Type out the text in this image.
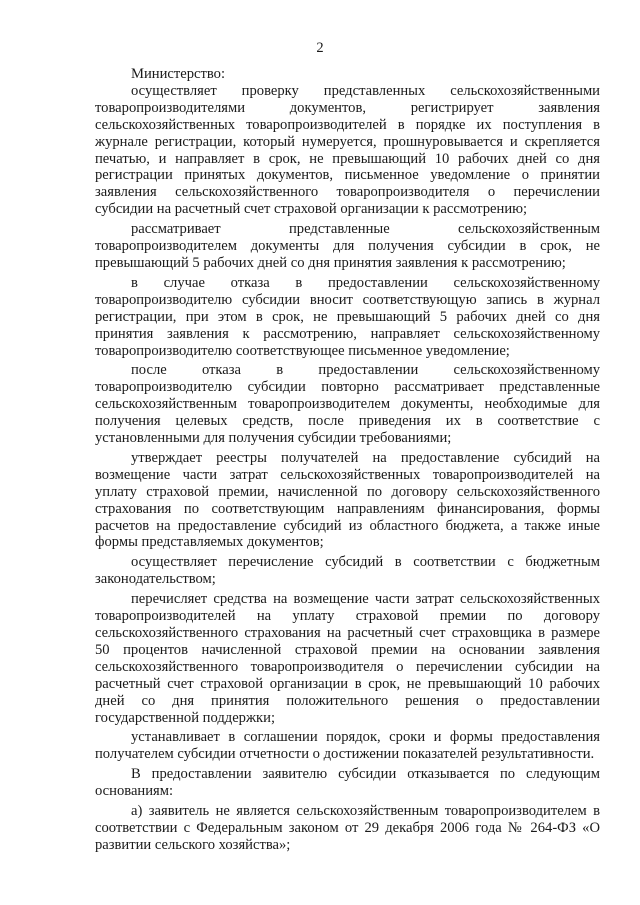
2

Министерство:

осуществляет проверку представленных сельскохозяйственными товаропроизводителями документов, регистрирует заявления сельскохозяйственных товаропроизводителей в порядке их поступления в журнале регистрации, который нумеруется, прошнуровывается и скрепляется печатью, и направляет в срок, не превышающий 10 рабочих дней со дня регистрации принятых документов, письменное уведомление о принятии заявления сельскохозяйственного товаропроизводителя о перечислении субсидии на расчетный счет страховой организации к рассмотрению;

рассматривает представленные сельскохозяйственным товаропроизводителем документы для получения субсидии в срок, не превышающий 5 рабочих дней со дня принятия заявления к рассмотрению;

в случае отказа в предоставлении сельскохозяйственному товаропроизводителю субсидии вносит соответствующую запись в журнал регистрации, при этом в срок, не превышающий 5 рабочих дней со дня принятия заявления к рассмотрению, направляет сельскохозяйственному товаропроизводителю соответствующее письменное уведомление;

после отказа в предоставлении сельскохозяйственному товаропроизводителю субсидии повторно рассматривает представленные сельскохозяйственным товаропроизводителем документы, необходимые для получения целевых средств, после приведения их в соответствие с установленными для получения субсидии требованиями;

утверждает реестры получателей на предоставление субсидий на возмещение части затрат сельскохозяйственных товаропроизводителей на уплату страховой премии, начисленной по договору сельскохозяйственного страхования по соответствующим направлениям финансирования, формы расчетов на предоставление субсидий из областного бюджета, а также иные формы представляемых документов;

осуществляет перечисление субсидий в соответствии с бюджетным законодательством;

перечисляет средства на возмещение части затрат сельскохозяйственных товаропроизводителей на уплату страховой премии по договору сельскохозяйственного страхования на расчетный счет страховщика в размере 50 процентов начисленной страховой премии на основании заявления сельскохозяйственного товаропроизводителя о перечислении субсидии на расчетный счет страховой организации в срок, не превышающий 10 рабочих дней со дня принятия положительного решения о предоставлении государственной поддержки;

устанавливает в соглашении порядок, сроки и формы предоставления получателем субсидии отчетности о достижении показателей результативности.

В предоставлении заявителю субсидии отказывается по следующим основаниям:

а) заявитель не является сельскохозяйственным товаропроизводителем в соответствии с Федеральным законом от 29 декабря 2006 года № 264-ФЗ «О развитии сельского хозяйства»;
